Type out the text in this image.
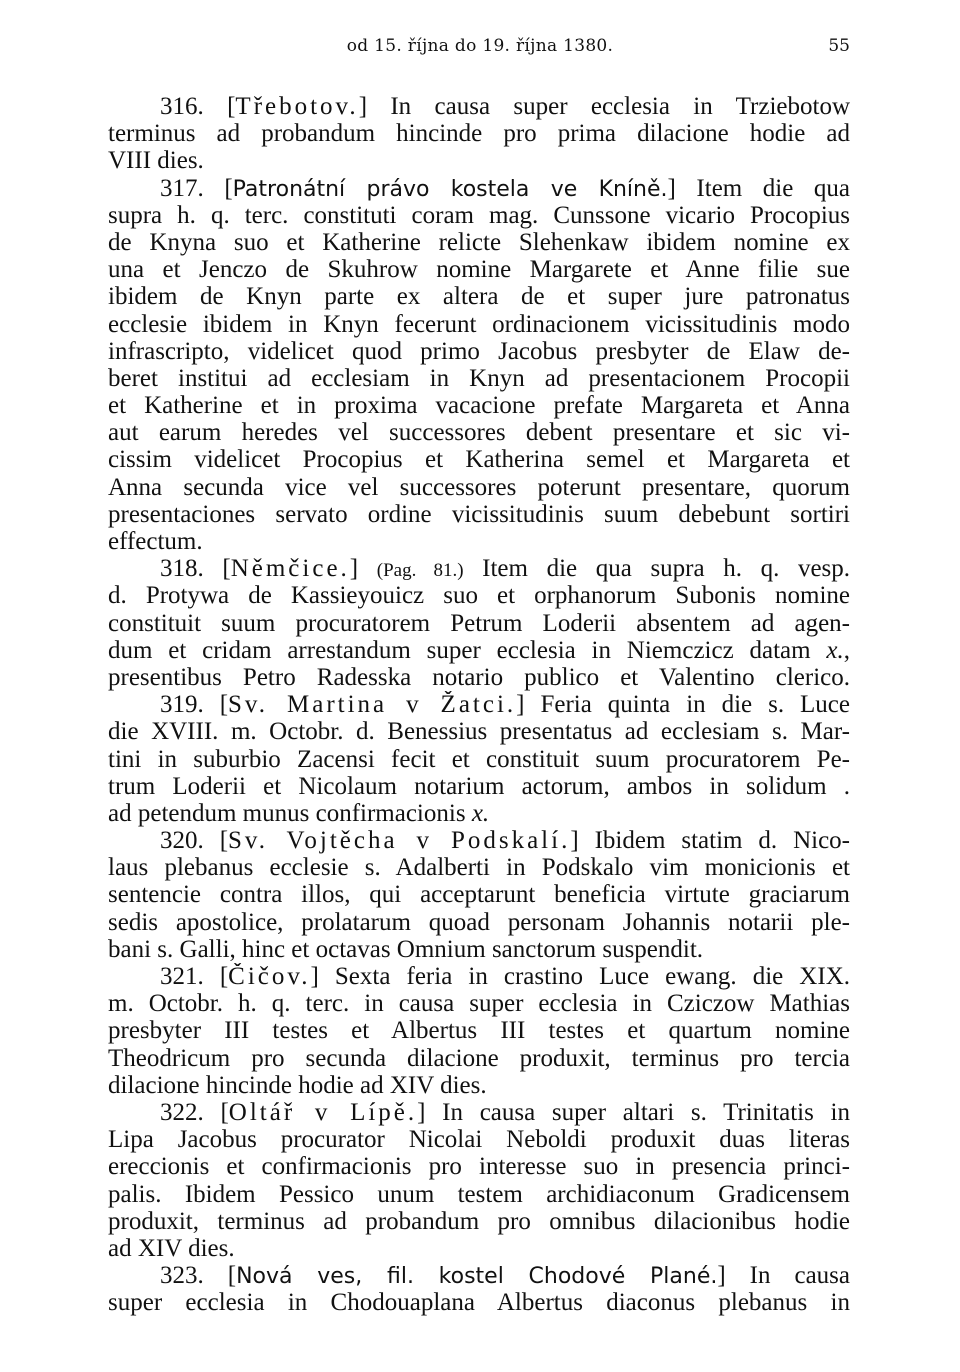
od 15. října do 19. října 1380.	55
316. [Třebotov.] In causa super ecclesia in Trziebotow
terminus ad probandum hincinde pro prima dilacione hodie ad
VIII dies.
317. [Patronátní právo kostela ve Kníně.] Item die qua
supra h. q. terc. constituti coram mag. Cunssone vicario Procopius
de Knyna suo et Katherine relicte Slehenkaw ibidem nomine ex
una et Jenczo de Skuhrow nomine Margarete et Anne filie sue
ibidem de Knyn parte ex altera de et super jure patronatus
ecclesie ibidem in Knyn fecerunt ordinacionem vicissitudinis modo
infrascripto, videlicet quod primo Jacobus presbyter de Elaw de-
beret institui ad ecclesiam in Knyn ad presentacionem Procopii
et Katherine et in proxima vacacione prefate Margareta et Anna
aut earum heredes vel successores debent presentare et sic vi-
cissim videlicet Procopius et Katherina semel et Margareta et
Anna secunda vice vel successores poterunt presentare, quorum
presentaciones servato ordine vicissitudinis suum debebunt sortiri
effectum.
318. [Němčice.] (Pag. 81.) Item die qua supra h. q. vesp.
d. Protywa de Kassieyouicz suo et orphanorum Subonis nomine
constituit suum procuratorem Petrum Loderii absentem ad agen-
dum et cridam arrestandum super ecclesia in Niemczicz datam x.,
presentibus Petro Radesska notario publico et Valentino clerico.
319. [Sv. Martina v Žatci.] Feria quinta in die s. Luce
die XVIII. m. Octobr. d. Benessius presentatus ad ecclesiam s. Mar-
tini in suburbio Zacensi fecit et constituit suum procuratorem Pe-
trum Loderii et Nicolaum notarium actorum, ambos in solidum .
ad petendum munus confirmacionis x.
320. [Sv. Vojtěcha v Podskalí.] Ibidem statim d. Nico-
laus plebanus ecclesie s. Adalberti in Podskalo vim monicionis et
sentencie contra illos, qui acceptarunt beneficia virtute graciarum
sedis apostolice, prolatarum quoad personam Johannis notarii ple-
bani s. Galli, hinc et octavas Omnium sanctorum suspendit.
321. [Čičov.] Sexta feria in crastino Luce ewang. die XIX.
m. Octobr. h. q. terc. in causa super ecclesia in Cziczow Mathias
presbyter III testes et Albertus III testes et quartum nomine
Theodricum pro secunda dilacione produxit, terminus pro tercia
dilacione hincinde hodie ad XIV dies.
322. [Oltář v Lípě.] In causa super altari s. Trinitatis in
Lipa Jacobus procurator Nicolai Neboldi produxit duas literas
ereccionis et confirmacionis pro interesse suo in presencia princi-
palis. Ibidem Pessico unum testem archidiaconum Gradicensem
produxit, terminus ad probandum pro omnibus dilacionibus hodie
ad XIV dies.
323. [Nová ves, fil. kostel Chodové Plané.] In causa
super ecclesia in Chodouaplana Albertus diaconus plebanus in
